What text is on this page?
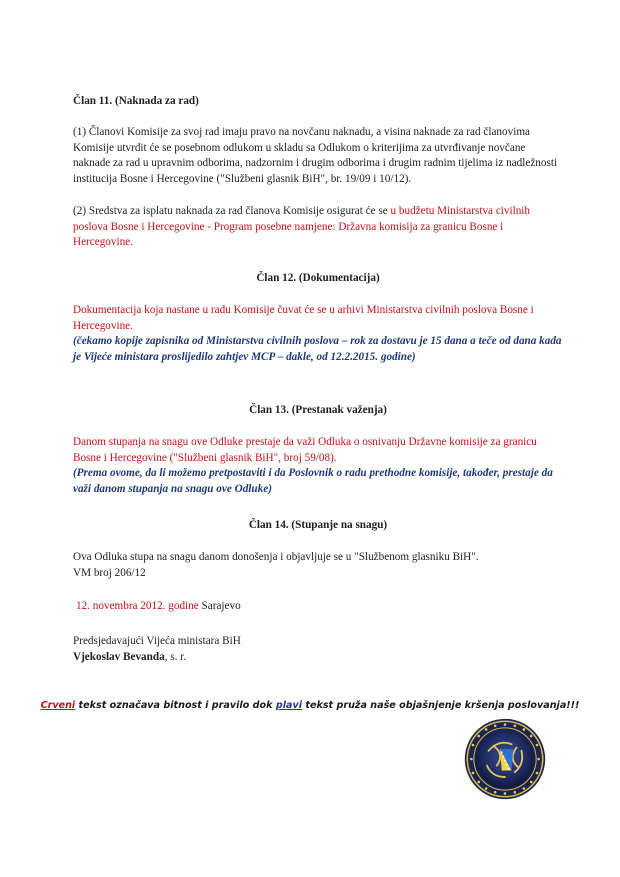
Član 11. (Naknada za rad)
(1) Članovi Komisije za svoj rad imaju pravo na novčanu naknadu, a visina naknade za rad članovima Komisije utvrdit će se posebnom odlukom u skladu sa Odlukom o kriterijima za utvrđivanje novčane naknade za rad u upravnim odborima, nadzornim i drugim odborima i drugim radnim tijelima iz nadležnosti institucija Bosne i Hercegovine ("Službeni glasnik BiH", br. 19/09 i 10/12).
(2) Sredstva za isplatu naknada za rad članova Komisije osigurat će se u budžetu Ministarstva civilnih poslova Bosne i Hercegovine - Program posebne namjene: Državna komisija za granicu Bosne i Hercegovine.
Član 12. (Dokumentacija)
Dokumentacija koja nastane u radu Komisije čuvat će se u arhivi Ministarstva civilnih poslova Bosne i Hercegovine.
(čekamo kopije zapisnika od Ministarstva civilnih poslova – rok za dostavu je 15 dana a teče od dana kada je Vijeće ministara proslijedilo zahtjev MCP – dakle, od 12.2.2015. godine)
Član 13. (Prestanak važenja)
Danom stupanja na snagu ove Odluke prestaje da važi Odluka o osnivanju Državne komisije za granicu Bosne i Hercegovine ("Službeni glasnik BiH", broj 59/08).
(Prema ovome, da li možemo pretpostaviti i da Poslovnik o radu prethodne komisije, također, prestaje da važi danom stupanja na snagu ove Odluke)
Član 14. (Stupanje na snagu)
Ova Odluka stupa na snagu danom donošenja i objavljuje se u "Službenom glasniku BiH".
VM broj 206/12
12. novembra 2012. godine Sarajevo
Predsjedavajući Vijeća ministara BiH
Vjekoslav Bevanda, s. r.
Crveni tekst označava bitnost i pravilo dok plavi tekst pruža naše objašnjenje kršenja poslovanja!!!
